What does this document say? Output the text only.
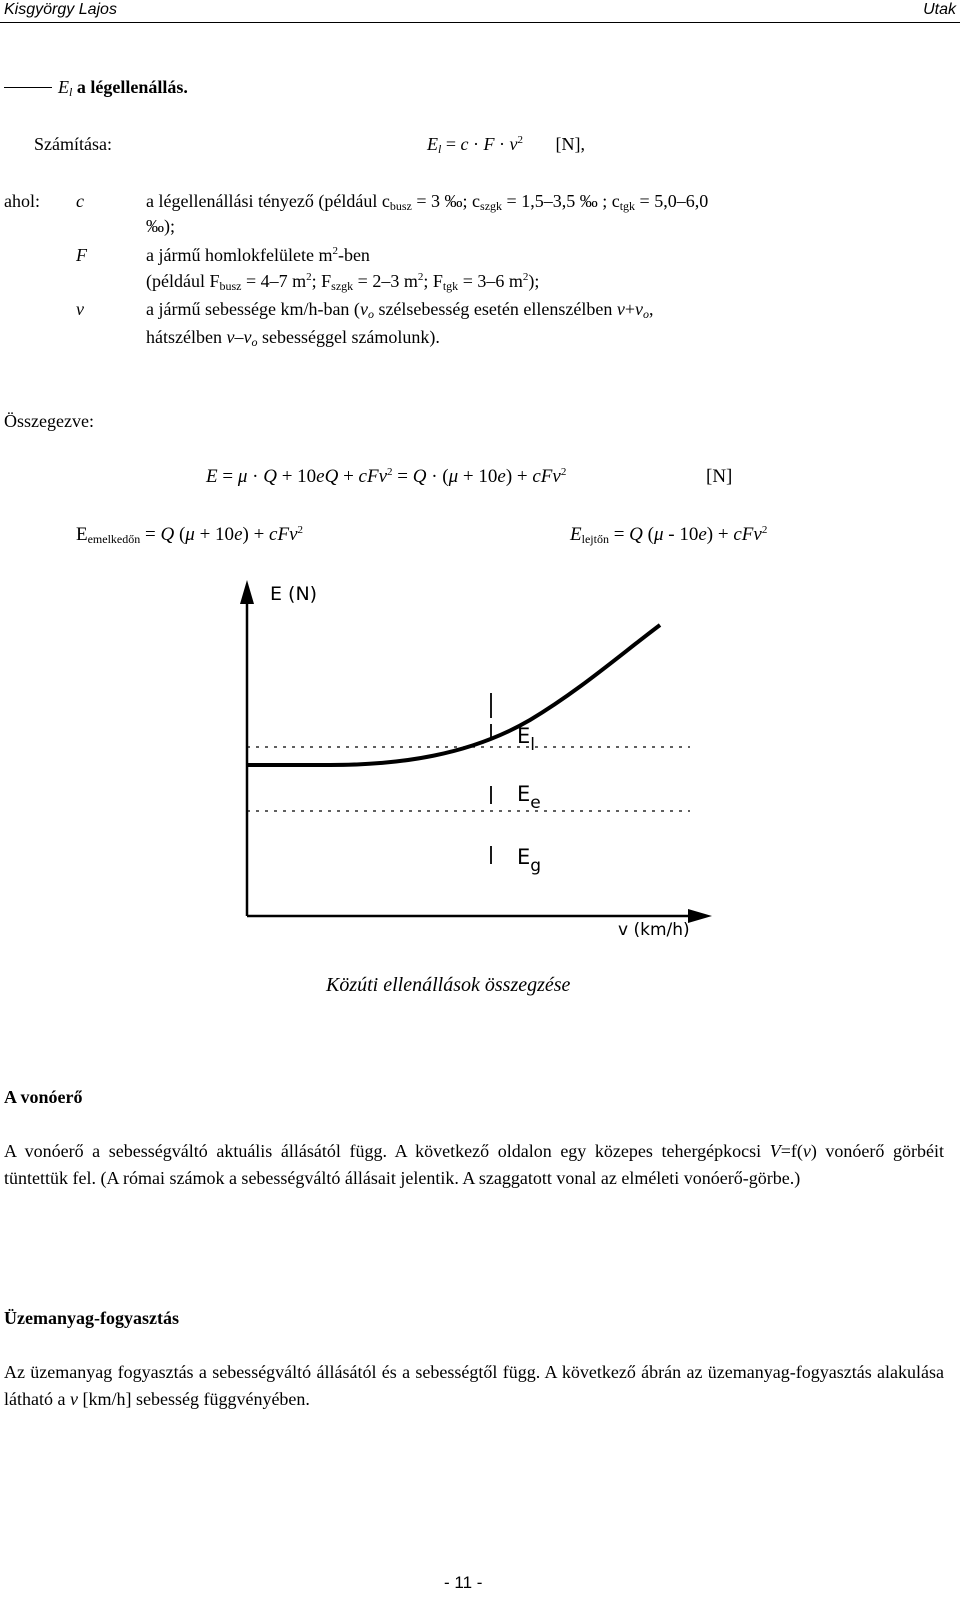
Kisgyörgy Lajos	Utak
$E_l$ a légellenállás.
Számítása:	$E_l = c \cdot F \cdot v^2$ [N],
ahol: c	a légellenállási tényező (például $c_{busz} = 3$ ‰; $c_{szgk} = 1,5-3,5$ ‰ ; $c_{tgk} = 5,0-6,0$
‰);
F	a jármű homlokfelülete $m^2$-ben
(például $F_{busz} = 4-7$ $m^2$; $F_{szgk} = 2-3$ $m^2$; $F_{tgk} = 3-6$ $m^2$);
v	a jármű sebessége km/h-ban ($v_o$ szélsebesség esetén ellenszélben $v+v_o$,
hátszélben $v-v_o$ sebességgel számolunk).
Összegezve:
E = μ · Q + 10eQ + cFv$^2$ = Q · (μ + 10e) + cFv$^2$	[N]
$E_{emelkedőn} = Q$ (μ + 10e) + cFv$^2$	$E_{lejtőn} = Q$ (μ - 10e) + cFv$^2$
E (N)
v (km/h)
$E_l$
$E_e$
$E_g$
Közúti ellenállások összegzése
A vonóerő
A vonóerő a sebességváltó aktuális állásától függ. A következő oldalon egy közepes tehergépkocsi V=f(v) vonóerő görbéit tüntettük fel. (A római számok a sebességváltó állásait jelentik. A szaggatott vonal az elméleti vonóerő-görbe.)
Üzemanyag-fogyasztás
Az üzemanyag fogyasztás a sebességváltó állásától és a sebességtől függ. A következő ábrán az üzemanyag-fogyasztás alakulása látható a v [km/h] sebesség függvényében.
- 11 -
